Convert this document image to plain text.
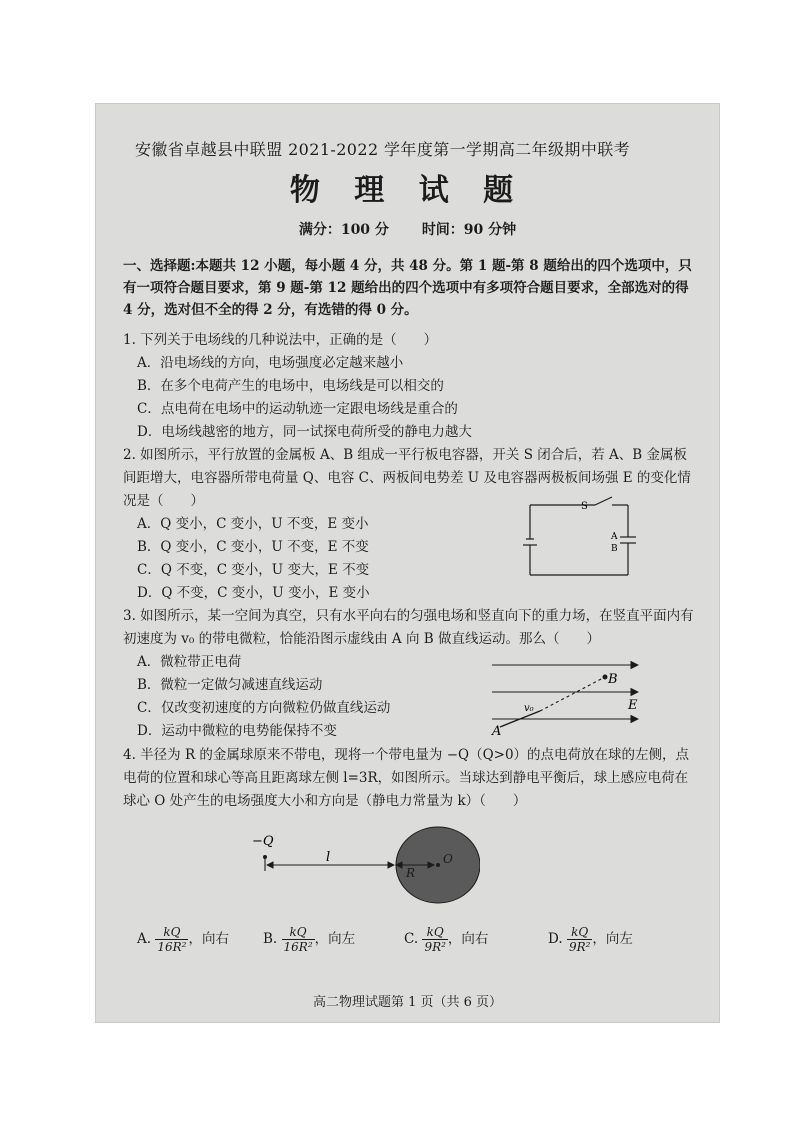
安徽省卓越县中联盟 2021-2022 学年度第一学期高二年级期中联考
物 理 试 题
满分：100 分 时间：90 分钟
一、选择题:本题共 12 小题，每小题 4 分，共 48 分。第 1 题-第 8 题给出的四个选项中，只有一项符合题目要求，第 9 题-第 12 题给出的四个选项中有多项符合题目要求，全部选对的得 4 分，选对但不全的得 2 分，有选错的得 0 分。
1. 下列关于电场线的几种说法中，正确的是（　　）
A．沿电场线的方向，电场强度必定越来越小
B．在多个电荷产生的电场中，电场线是可以相交的
C．点电荷在电场中的运动轨迹一定跟电场线是重合的
D．电场线越密的地方，同一试探电荷所受的静电力越大
2. 如图所示，平行放置的金属板 A、B 组成一平行板电容器，开关 S 闭合后，若 A、B 金属板间距增大，电容器所带电荷量 Q、电容 C、两板间电势差 U 及电容器两极板间场强 E 的变化情况是（　　）
A．Q 变小，C 变小，U 不变，E 变小
B．Q 变小，C 变小，U 不变，E 不变
C．Q 不变，C 变小，U 变大，E 不变
D．Q 不变，C 变小，U 变小，E 变小
S
A
B
3. 如图所示，某一空间为真空，只有水平向右的匀强电场和竖直向下的重力场，在竖直平面内有初速度为 v₀ 的带电微粒，恰能沿图示虚线由 A 向 B 做直线运动。那么（　　）
A．微粒带正电荷
B．微粒一定做匀减速直线运动
C．仅改变初速度的方向微粒仍做直线运动
D．运动中微粒的电势能保持不变	A
B
E
v₀
4. 半径为 R 的金属球原来不带电，现将一个带电量为 −Q（Q>0）的点电荷放在球的左侧，点电荷的位置和球心等高且距离球左侧 l=3R，如图所示。当球达到静电平衡后，球上感应电荷在球心 O 处产生的电场强度大小和方向是（静电力常量为 k）（　　）
−Q
l
R
O
A. $\frac{kQ}{\text{16R²}}$ ，向右	B. $\frac{kQ}{\text{16R²}}$ ，向左	C. $\frac{kQ}{\text{9R²}}$ ，向右	D. $\frac{kQ}{\text{9R²}}$ ，向左
高二物理试题第 1 页（共 6 页）
